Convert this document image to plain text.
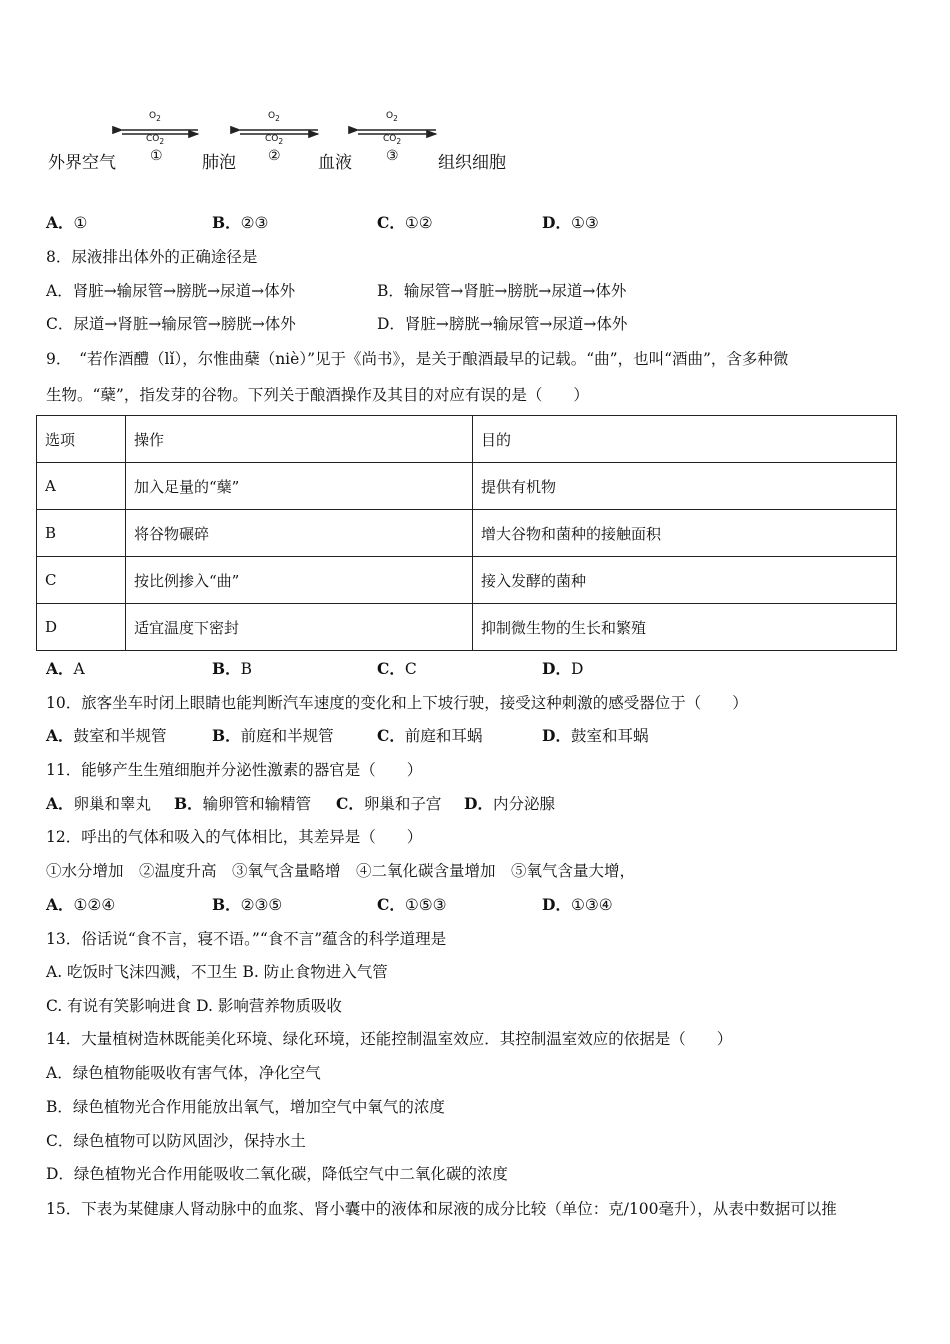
$O_2$
$CO_2$
$O_2$
$CO_2$
$O_2$
$CO_2$
外界空气 ① 肺泡 ② 血液 ③ 组织细胞
A．①	B．②③	C．①②	D．①③
8．尿液排出体外的正确途径是
A．肾脏→输尿管→膀胱→尿道→体外	B．输尿管→肾脏→膀胱→尿道→体外
C．尿道→肾脏→输尿管→膀胱→体外	D．肾脏→膀胱→输尿管→尿道→体外
9．　“若作酒醴（lǐ），尔惟曲蘖（niè）”见于《尚书》，是关于酿酒最早的记载。“曲”，也叫“酒曲”，含多种微
生物。“蘖”，指发芽的谷物。下列关于酿酒操作及其目的对应有误的是（　　）
选项	操作	目的
A	加入足量的“蘖”	提供有机物
B	将谷物碾碎	增大谷物和菌种的接触面积
C	按比例掺入“曲”	接入发酵的菌种
D	适宜温度下密封	抑制微生物的生长和繁殖
A．A	B．B	C．C	D．D
10．旅客坐车时闭上眼睛也能判断汽车速度的变化和上下坡行驶，接受这种刺激的感受器位于（　　）
A．鼓室和半规管	B．前庭和半规管	C．前庭和耳蜗	D．鼓室和耳蜗
11．能够产生生殖细胞并分泌性激素的器官是（　　）
A．卵巢和睾丸 B．输卵管和输精管 C．卵巢和子宫 D．内分泌腺
12．呼出的气体和吸入的气体相比，其差异是（　　）
①水分增加　②温度升高　③氧气含量略增　④二氧化碳含量增加　⑤氧气含量大增，
A．①②④	B．②③⑤	C．①⑤③	D．①③④
13．俗话说“食不言，寝不语。”“食不言”蕴含的科学道理是
A. 吃饭时飞沫四溅，不卫生 B. 防止食物进入气管
C. 有说有笑影响进食 D. 影响营养物质吸收
14．大量植树造林既能美化环境、绿化环境，还能控制温室效应．其控制温室效应的依据是（　　）
A．绿色植物能吸收有害气体，净化空气
B．绿色植物光合作用能放出氧气，增加空气中氧气的浓度
C．绿色植物可以防风固沙，保持水土
D．绿色植物光合作用能吸收二氧化碳，降低空气中二氧化碳的浓度
15．下表为某健康人肾动脉中的血浆、肾小囊中的液体和尿液的成分比较（单位：克/100毫升），从表中数据可以推
